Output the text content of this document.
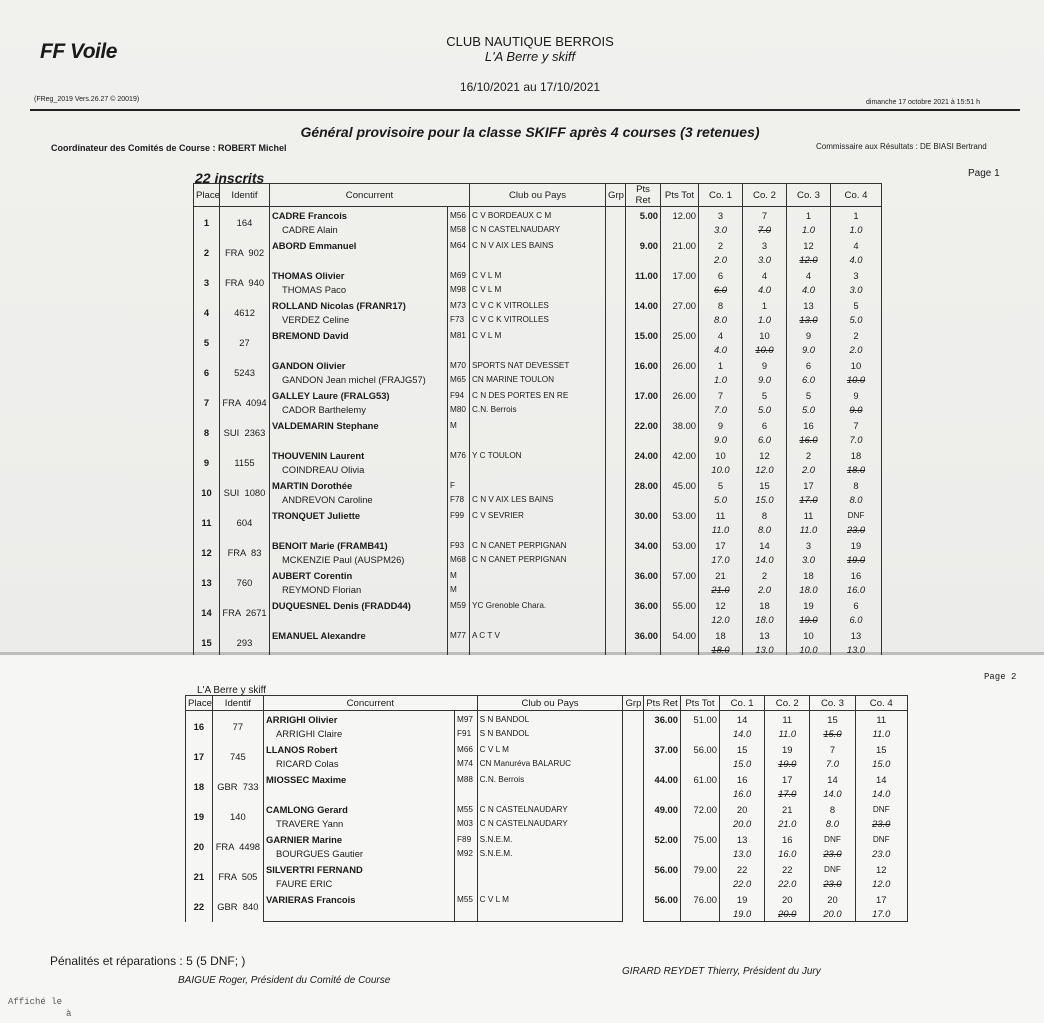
FF Voile	CLUB NAUTIQUE BERROIS
L'A Berre y skiff
16/10/2021 au 17/10/2021
(FReg_2019 Vers.26.27 © 20019)	dimanche 17 octobre 2021 à 15:51 h
Général provisoire pour la classe SKIFF après 4 courses (3 retenues)
Coordinateur des Comités de Course : ROBERT Michel	Commissaire aux Résultats : DE BIASI Bertrand
Page 1
22 inscrits
Place	Identif	Concurrent		Club ou Pays	Grp	Pts Ret	Pts Tot	Co. 1	Co. 2	Co. 3	Co. 4
1	164	CADRE Francois	M56	C V BORDEAUX C M		5.00	12.00	3	7	1	1
		CADRE Alain	M58	C N CASTELNAUDARY				3.0	7.0	1.0	1.0
2	FRA  902	ABORD Emmanuel	M64	C N V AIX LES BAINS		9.00	21.00	2	3	12	4
								2.0	3.0	12.0	4.0
3	FRA  940	THOMAS Olivier	M69	C V L M		11.00	17.00	6	4	4	3
		THOMAS Paco	M98	C V L M				6.0	4.0	4.0	3.0
4	4612	ROLLAND Nicolas (FRANR17)	M73	C V C K VITROLLES		14.00	27.00	8	1	13	5
		VERDEZ Celine	F73	C V C K VITROLLES				8.0	1.0	13.0	5.0
5	27	BREMOND David	M81	C V L M		15.00	25.00	4	10	9	2
								4.0	10.0	9.0	2.0
6	5243	GANDON Olivier	M70	SPORTS NAT DEVESSET		16.00	26.00	1	9	6	10
		GANDON Jean michel (FRAJG57)	M65	CN MARINE TOULON				1.0	9.0	6.0	10.0
7	FRA  4094	GALLEY Laure (FRALG53)	F94	C N DES PORTES EN RE		17.00	26.00	7	5	5	9
		CADOR Barthelemy	M80	C.N. Berrois				7.0	5.0	5.0	9.0
8	SUI  2363	VALDEMARIN Stephane	M			22.00	38.00	9	6	16	7
								9.0	6.0	16.0	7.0
9	1155	THOUVENIN Laurent	M76	Y C TOULON		24.00	42.00	10	12	2	18
		COINDREAU Olivia						10.0	12.0	2.0	18.0
10	SUI  1080	MARTIN Dorothée	F			28.00	45.00	5	15	17	8
		ANDREVON Caroline	F78	C N V AIX LES BAINS				5.0	15.0	17.0	8.0
11	604	TRONQUET Juliette	F99	C V SEVRIER		30.00	53.00	11	8	11	DNF
								11.0	8.0	11.0	23.0
12	FRA  83	BENOIT Marie (FRAMB41)	F93	C N CANET PERPIGNAN		34.00	53.00	17	14	3	19
		MCKENZIE Paul (AUSPM26)	M68	C N CANET PERPIGNAN				17.0	14.0	3.0	19.0
13	760	AUBERT Corentin	M			36.00	57.00	21	2	18	16
		REYMOND Florian	M					21.0	2.0	18.0	16.0
14	FRA  2671	DUQUESNEL Denis (FRADD44)	M59	YC Grenoble Chara.		36.00	55.00	12	18	19	6
								12.0	18.0	19.0	6.0
15	293	EMANUEL Alexandre	M77	A C T V		36.00	54.00	18	13	10	13
								18.0	13.0	10.0	13.0
Page 2
L'A Berre y skiff
Place	Identif	Concurrent		Club ou Pays	Grp	Pts Ret	Pts Tot	Co. 1	Co. 2	Co. 3	Co. 4
16	77	ARRIGHI Olivier	M97	S N BANDOL		36.00	51.00	14	11	15	11
		ARRIGHI Claire	F91	S N BANDOL				14.0	11.0	15.0	11.0
17	745	LLANOS Robert	M66	C V L M		37.00	56.00	15	19	7	15
		RICARD Colas	M74	CN Manuréva BALARUC				15.0	19.0	7.0	15.0
18	GBR  733	MIOSSEC Maxime	M88	C.N. Berrois		44.00	61.00	16	17	14	14
								16.0	17.0	14.0	14.0
19	140	CAMLONG Gerard	M55	C N CASTELNAUDARY		49.00	72.00	20	21	8	DNF
		TRAVERE Yann	M03	C N CASTELNAUDARY				20.0	21.0	8.0	23.0
20	FRA  4498	GARNIER Marine	F89	S.N.E.M.		52.00	75.00	13	16	DNF	DNF
		BOURGUES Gautier	M92	S.N.E.M.				13.0	16.0	23.0	23.0
21	FRA  505	SILVERTRI FERNAND				56.00	79.00	22	22	DNF	12
		FAURE ERIC						22.0	22.0	23.0	12.0
22	GBR  840	VARIERAS Francois	M55	C V L M		56.00	76.00	19	20	20	17
								19.0	20.0	20.0	17.0
Pénalités et réparations : 5 (5 DNF; )
BAIGUE Roger, Président du Comité de Course
GIRARD REYDET Thierry, Président du Jury
Affiché le
à
